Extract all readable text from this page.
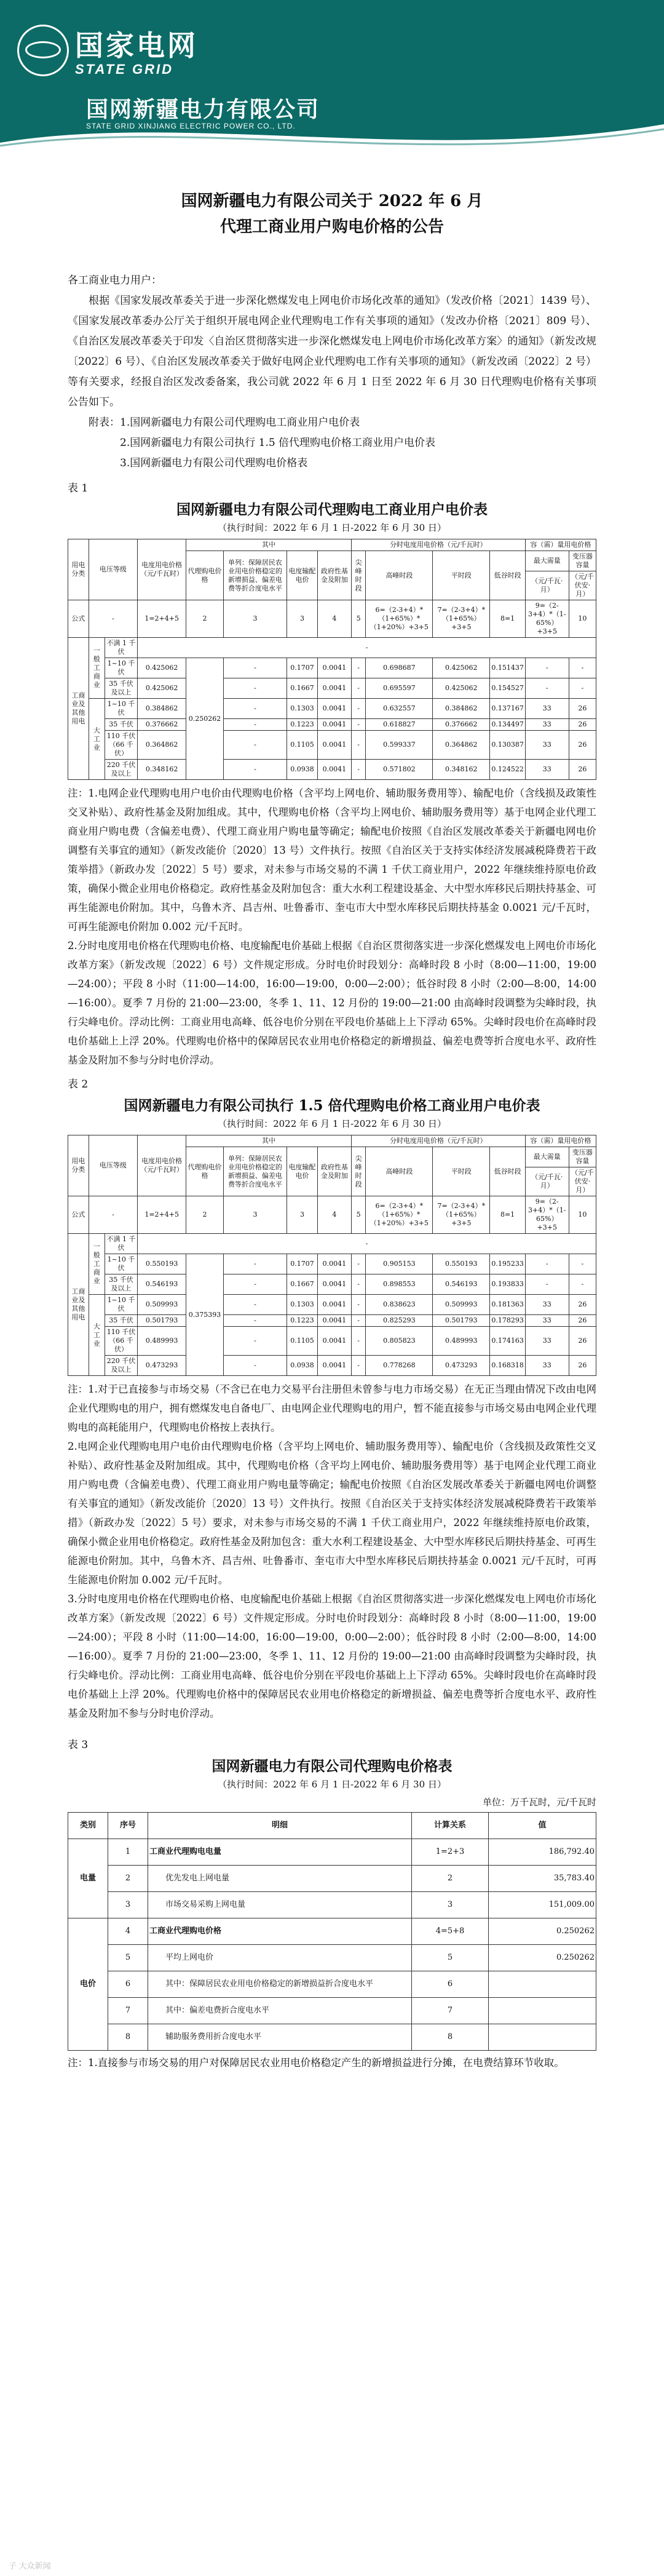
国家电网
STATE GRID
国网新疆电力有限公司
STATE GRID XINJIANG ELECTRIC POWER CO., LTD.
国网新疆电力有限公司关于 2022 年 6 月
代理工商业用户购电价格的公告

各工商业电力用户：

根据《国家发展改革委关于进一步深化燃煤发电上网电价市场化改革的通知》（发改价格〔2021〕1439 号）、《国家发展改革委办公厅关于组织开展电网企业代理购电工作有关事项的通知》（发改办价格〔2021〕809 号）、《自治区发展改革委关于印发〈自治区贯彻落实进一步深化燃煤发电上网电价市场化改革方案〉的通知》（新发改规〔2022〕6 号）、《自治区发展改革委关于做好电网企业代理购电工作有关事项的通知》（新发改函〔2022〕2 号）等有关要求，经报自治区发改委备案，我公司就 2022 年 6 月 1 日至 2022 年 6 月 30 日代理购电价格有关事项公告如下。

附表：1.国网新疆电力有限公司代理购电工商业用户电价表
2.国网新疆电力有限公司执行 1.5 倍代理购电价格工商业用户电价表
3.国网新疆电力有限公司代理购电价格表

表 1

国网新疆电力有限公司代理购电工商业用户电价表

（执行时间：2022 年 6 月 1 日-2022 年 6 月 30 日）

用电分类	电压等级		电度用电价格（元/千瓦时）	其中				分时电度用电价格（元/千瓦时）				容（需）量用电价格	
				代理购电价格	单列：保障居民农业用电价格稳定的新增损益、偏差电费等折合度电水平	电度输配电价	政府性基金及附加	尖峰时段	高峰时段	平时段	低谷时段	最大需量	变压器容量
												（元/千瓦·月）	（元/千伏安·月）
公式	-		1=2+4+5	2	3	3	4	5	6=（2-3+4）*（1+65%）*（1+20%）+3+5	7=（2-3+4）*（1+65%）+3+5	8=1	9=（2-3+4）*（1-65%）+3+5	10
工商业及其他用电	一般工商业	不满 1 千伏	-										
		1~10 千伏	0.425062	0.250262	-	0.1707	0.0041	-	0.698687	0.425062	0.151437	-	-
		35 千伏及以上	0.425062		-	0.1667	0.0041	-	0.695597	0.425062	0.154527	-	-
	大工业	1~10 千伏	0.384862		-	0.1303	0.0041	-	0.632557	0.384862	0.137167	33	26
		35 千伏	0.376662		-	0.1223	0.0041	-	0.618827	0.376662	0.134497	33	26
		110 千伏（66 千伏）	0.364862		-	0.1105	0.0041	-	0.599337	0.364862	0.130387	33	26
		220 千伏及以上	0.348162		-	0.0938	0.0041	-	0.571802	0.348162	0.124522	33	26

注：1.电网企业代理购电用户电价由代理购电价格（含平均上网电价、辅助服务费用等）、输配电价（含线损及政策性交叉补贴）、政府性基金及附加组成。其中，代理购电价格（含平均上网电价、辅助服务费用等）基于电网企业代理工商业用户购电费（含偏差电费）、代理工商业用户购电量等确定；输配电价按照《自治区发展改革委关于新疆电网电价调整有关事宜的通知》（新发改能价〔2020〕13 号）文件执行。按照《自治区关于支持实体经济发展减税降费若干政策举措》（新政办发〔2022〕5 号）要求，对未参与市场交易的不满 1 千伏工商业用户，2022 年继续维持原电价政策，确保小微企业用电价格稳定。政府性基金及附加包含：重大水利工程建设基金、大中型水库移民后期扶持基金、可再生能源电价附加。其中，乌鲁木齐、昌吉州、吐鲁番市、奎屯市大中型水库移民后期扶持基金 0.0021 元/千瓦时，可再生能源电价附加 0.002 元/千瓦时。

2.分时电度用电价格在代理购电价格、电度输配电价基础上根据《自治区贯彻落实进一步深化燃煤发电上网电价市场化改革方案》（新发改规〔2022〕6 号）文件规定形成。分时电价时段划分：高峰时段 8 小时（8:00—11:00，19:00—24:00）；平段 8 小时（11:00—14:00，16:00—19:00，0:00—2:00）；低谷时段 8 小时（2:00—8:00，14:00—16:00）。夏季 7 月份的 21:00—23:00，冬季 1、11、12 月份的 19:00—21:00 由高峰时段调整为尖峰时段，执行尖峰电价。浮动比例：工商业用电高峰、低谷电价分别在平段电价基础上上下浮动 65%。尖峰时段电价在高峰时段电价基础上上浮 20%。代理购电价格中的保障居民农业用电价格稳定的新增损益、偏差电费等折合度电水平、政府性基金及附加不参与分时电价浮动。

表 2

国网新疆电力有限公司执行 1.5 倍代理购电价格工商业用户电价表

（执行时间：2022 年 6 月 1 日-2022 年 6 月 30 日）

用电分类	电压等级		电度用电价格（元/千瓦时）	其中				分时电度用电价格（元/千瓦时）				容（需）量用电价格	
				代理购电价格	单列：保障居民农业用电价格稳定的新增损益、偏差电费等折合度电水平	电度输配电价	政府性基金及附加	尖峰时段	高峰时段	平时段	低谷时段	最大需量	变压器容量
												（元/千瓦·月）	（元/千伏安·月）
公式	-		1=2+4+5	2	3	3	4	5	6=（2-3+4）*（1+65%）*（1+20%）+3+5	7=（2-3+4）*（1+65%）+3+5	8=1	9=（2-3+4）*（1-65%）+3+5	10
工商业及其他用电	一般工商业	不满 1 千伏	-										
		1~10 千伏	0.550193	0.375393	-	0.1707	0.0041	-	0.905153	0.550193	0.195233	-	-
		35 千伏及以上	0.546193		-	0.1667	0.0041	-	0.898553	0.546193	0.193833	-	-
	大工业	1~10 千伏	0.509993		-	0.1303	0.0041	-	0.838623	0.509993	0.181363	33	26
		35 千伏	0.501793		-	0.1223	0.0041	-	0.825293	0.501793	0.178293	33	26
		110 千伏（66 千伏）	0.489993		-	0.1105	0.0041	-	0.805823	0.489993	0.174163	33	26
		220 千伏及以上	0.473293		-	0.0938	0.0041	-	0.778268	0.473293	0.168318	33	26

注：1.对于已直接参与市场交易（不含已在电力交易平台注册但未曾参与电力市场交易）在无正当理由情况下改由电网企业代理购电的用户，拥有燃煤发电自备电厂、由电网企业代理购电的用户，暂不能直接参与市场交易由电网企业代理购电的高耗能用户，代理购电价格按上表执行。

2.电网企业代理购电用户电价由代理购电价格（含平均上网电价、辅助服务费用等）、输配电价（含线损及政策性交叉补贴）、政府性基金及附加组成。其中，代理购电价格（含平均上网电价、辅助服务费用等）基于电网企业代理工商业用户购电费（含偏差电费）、代理工商业用户购电量等确定；输配电价按照《自治区发展改革委关于新疆电网电价调整有关事宜的通知》（新发改能价〔2020〕13 号）文件执行。按照《自治区关于支持实体经济发展减税降费若干政策举措》（新政办发〔2022〕5 号）要求，对未参与市场交易的不满 1 千伏工商业用户，2022 年继续维持原电价政策，确保小微企业用电价格稳定。政府性基金及附加包含：重大水利工程建设基金、大中型水库移民后期扶持基金、可再生能源电价附加。其中，乌鲁木齐、昌吉州、吐鲁番市、奎屯市大中型水库移民后期扶持基金 0.0021 元/千瓦时，可再生能源电价附加 0.002 元/千瓦时。

3.分时电度用电价格在代理购电价格、电度输配电价基础上根据《自治区贯彻落实进一步深化燃煤发电上网电价市场化改革方案》（新发改规〔2022〕6 号）文件规定形成。分时电价时段划分：高峰时段 8 小时（8:00—11:00，19:00—24:00）；平段 8 小时（11:00—14:00，16:00—19:00，0:00—2:00）；低谷时段 8 小时（2:00—8:00，14:00—16:00）。夏季 7 月份的 21:00—23:00，冬季 1、11、12 月份的 19:00—21:00 由高峰时段调整为尖峰时段，执行尖峰电价。浮动比例：工商业用电高峰、低谷电价分别在平段电价基础上上下浮动 65%。尖峰时段电价在高峰时段电价基础上上浮 20%。代理购电价格中的保障居民农业用电价格稳定的新增损益、偏差电费等折合度电水平、政府性基金及附加不参与分时电价浮动。

表 3

国网新疆电力有限公司代理购电价格表

（执行时间：2022 年 6 月 1 日-2022 年 6 月 30 日）

单位：万千瓦时，元/千瓦时

类别	序号	明细	计算关系	值
电量	1	工商业代理购电电量	1=2+3	186,792.40
	2	优先发电上网电量	2	35,783.40
	3	市场交易采购上网电量	3	151,009.00
电价	4	工商业代理购电价格	4=5+8	0.250262
	5	平均上网电价	5	0.250262
	6	其中：保障居民农业用电价格稳定的新增损益折合度电水平	6	
	7	其中：偏差电费折合度电水平	7	
	8	辅助服务费用折合度电水平	8	

注：1.直接参与市场交易的用户对保障居民农业用电价格稳定产生的新增损益进行分摊，在电费结算环节收取。

子 大众新闻
